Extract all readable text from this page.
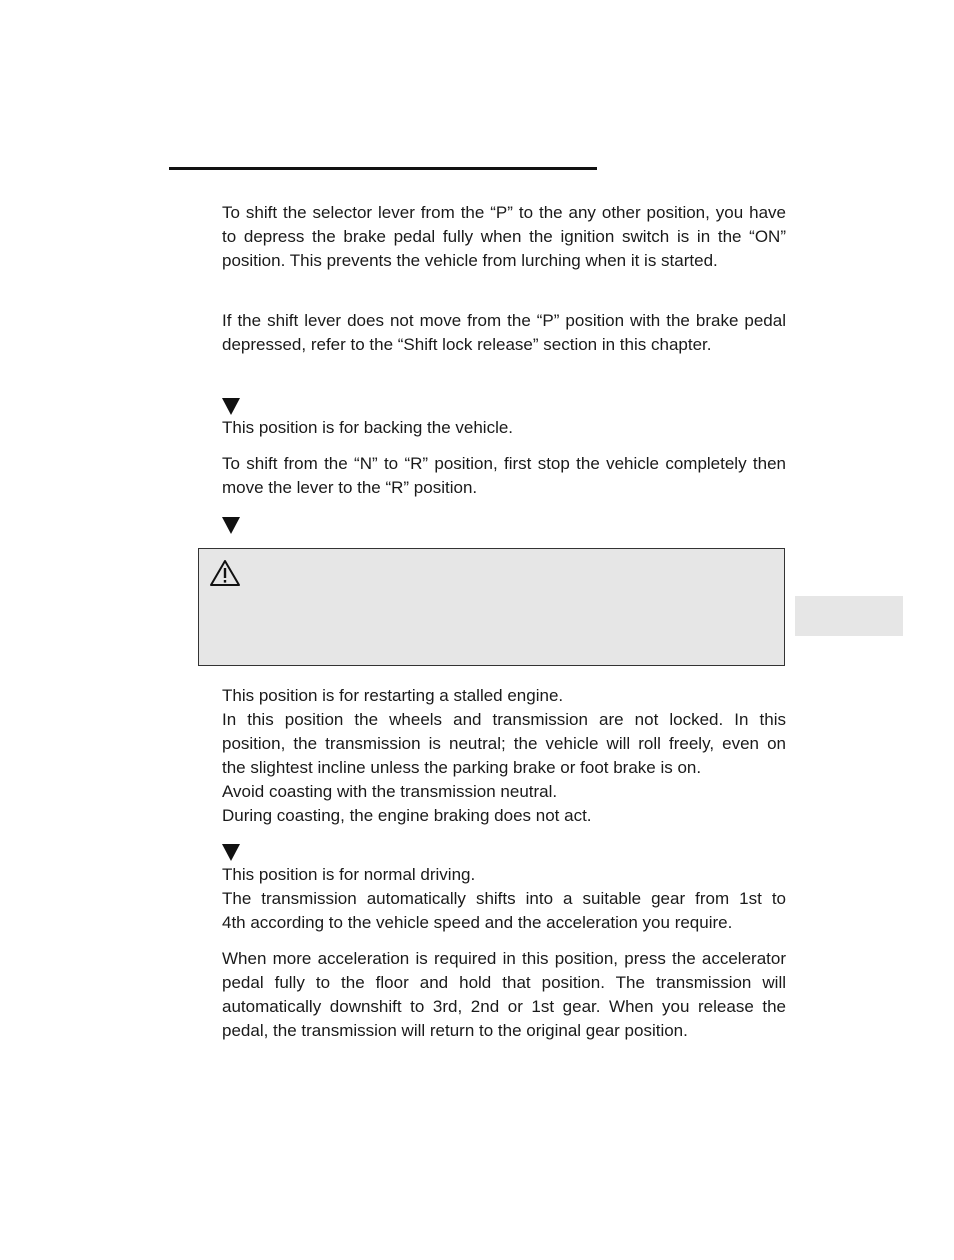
To shift the selector lever from the “P” to the any other position, you have to depress the brake pedal fully when the ignition switch is in the “ON” position. This prevents the vehicle from lurching when it is started.

If the shift lever does not move from the “P” position with the brake pedal depressed, refer to the “Shift lock release” section in this chapter.

This position is for backing the vehicle.

To shift from the “N” to “R” position, first stop the vehicle completely then move the lever to the “R” position.

This position is for restarting a stalled engine.

In this position the wheels and transmission are not locked. In this

position, the transmission is neutral; the vehicle will roll freely, even on

the slightest incline unless the parking brake or foot brake is on.

Avoid coasting with the transmission neutral.

During coasting, the engine braking does not act.

This position is for normal driving.

The transmission automatically shifts into a suitable gear from 1st to

4th according to the vehicle speed and the acceleration you require.

When more acceleration is required in this position, press the accelerator pedal fully to the floor and hold that position. The transmission will automatically downshift to 3rd, 2nd or 1st gear. When you release the pedal, the transmission will return to the original gear position.
